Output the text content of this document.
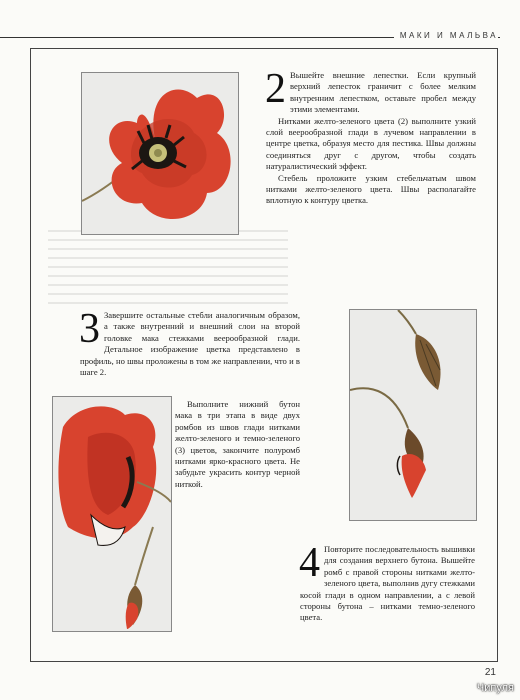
МАКИ И МАЛЬВА
2 Вышейте внешние лепестки. Если крупный верхний лепесток граничит с более мелким внутренним лепестком, оставьте пробел между этими элементами.

Нитками желто-зеленого цвета (2) выполните узкий слой веерообразной глади в лучевом направлении в центре цветка, образуя место для пестика. Швы должны соединяться друг с другом, чтобы создать натуралистический эффект.

Стебель проложите узким стебельчатым швом нитками желто-зеленого цвета. Швы располагайте вплотную к контуру цветка.

3 Завершите остальные стебли аналогичным образом, а также внутренний и внешний слои на второй головке мака стежками веерообразной глади. Детальное изображение цветка представлено в профиль, но швы проложены в том же направлении, что и в шаге 2.

Выполните нижний бутон мака в три этапа в виде двух ромбов из швов глади нитками желто-зеленого и темно-зеленого (3) цветов, закончите полуромб нитками ярко-красного цвета. Не забудьте украсить контур черной ниткой.

4 Повторите последовательность вышивки для создания верхнего бутона. Вышейте ромб с правой стороны нитками желто-зеленого цвета, выполнив дугу стежками косой глади в одном направлении, а с левой стороны бутона – нитками темно-зеленого цвета.

21
Чипуля
